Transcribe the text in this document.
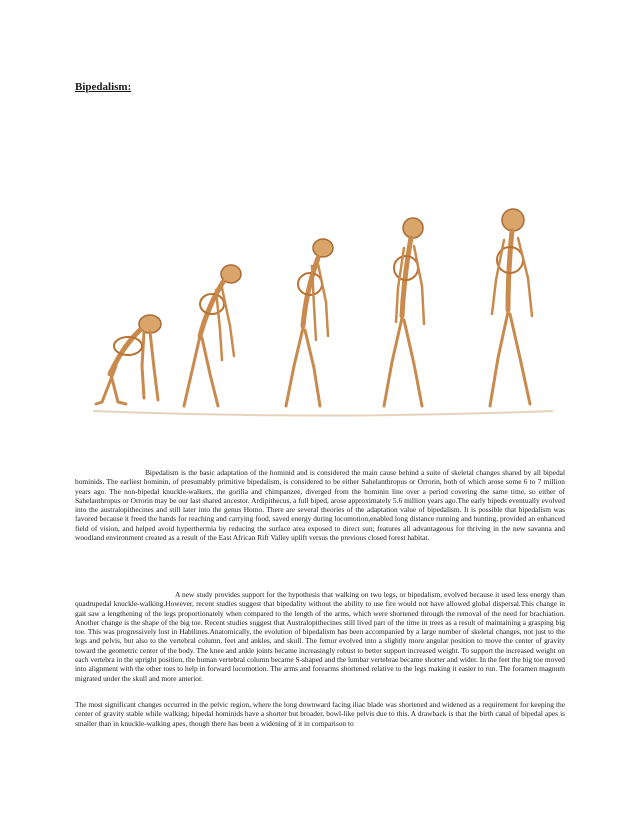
Bipedalism:

Bipedalism is the basic adaptation of the hominid and is considered the main cause behind a suite of skeletal changes shared by all bipedal hominids. The earliest hominin, of presumably primitive bipedalism, is considered to be either Sahelanthropus or Orrorin, both of which arose some 6 to 7 million years ago. The non-bipedal knuckle-walkers, the gorilla and chimpanzee, diverged from the hominin line over a period covering the same time, so either of Sahelanthropus or Orrorin may be our last shared ancestor. Ardipithecus, a full biped, arose approximately 5.6 million years ago.The early bipeds eventually evolved into the australopithecines and still later into the genus Homo. There are several theories of the adaptation value of bipedalism. It is possible that bipedalism was favored because it freed the hands for reaching and carrying food, saved energy during locomotion,enabled long distance running and hunting, provided an enhanced field of vision, and helped avoid hyperthermia by reducing the surface area exposed to direct sun; features all advantageous for thriving in the new savanna and woodland environment created as a result of the East African Rift Valley uplift versus the previous closed forest habitat.

A new study provides support for the hypothesis that walking on two legs, or bipedalism, evolved because it used less energy than quadrupedal knuckle-walking.However, recent studies suggest that bipedality without the ability to use fire would not have allowed global dispersal.This change in gait saw a lengthening of the legs proportionately when compared to the length of the arms, which were shortened through the removal of the need for brachiation. Another change is the shape of the big toe. Recent studies suggest that Australopithecines still lived part of the time in trees as a result of maintaining a grasping big toe. This was progressively lost in Habilines.Anatomically, the evolution of bipedalism has been accompanied by a large number of skeletal changes, not just to the legs and pelvis, but also to the vertebral column, feet and ankles, and skull. The femur evolved into a slightly more angular position to move the center of gravity toward the geometric center of the body. The knee and ankle joints became increasingly robust to better support increased weight. To support the increased weight on each vertebra in the upright position, the human vertebral column became S-shaped and the lumbar vertebrae became shorter and wider. In the feet the big toe moved into alignment with the other toes to help in forward locomotion. The arms and forearms shortened relative to the legs making it easier to run. The foramen magnum migrated under the skull and more anterior.

The most significant changes occurred in the pelvic region, where the long downward facing iliac blade was shortened and widened as a requirement for keeping the center of gravity stable while walking; bipedal hominids have a shorter but broader, bowl-like pelvis due to this. A drawback is that the birth canal of bipedal apes is smaller than in knuckle-walking apes, though there has been a widening of it in comparison to
